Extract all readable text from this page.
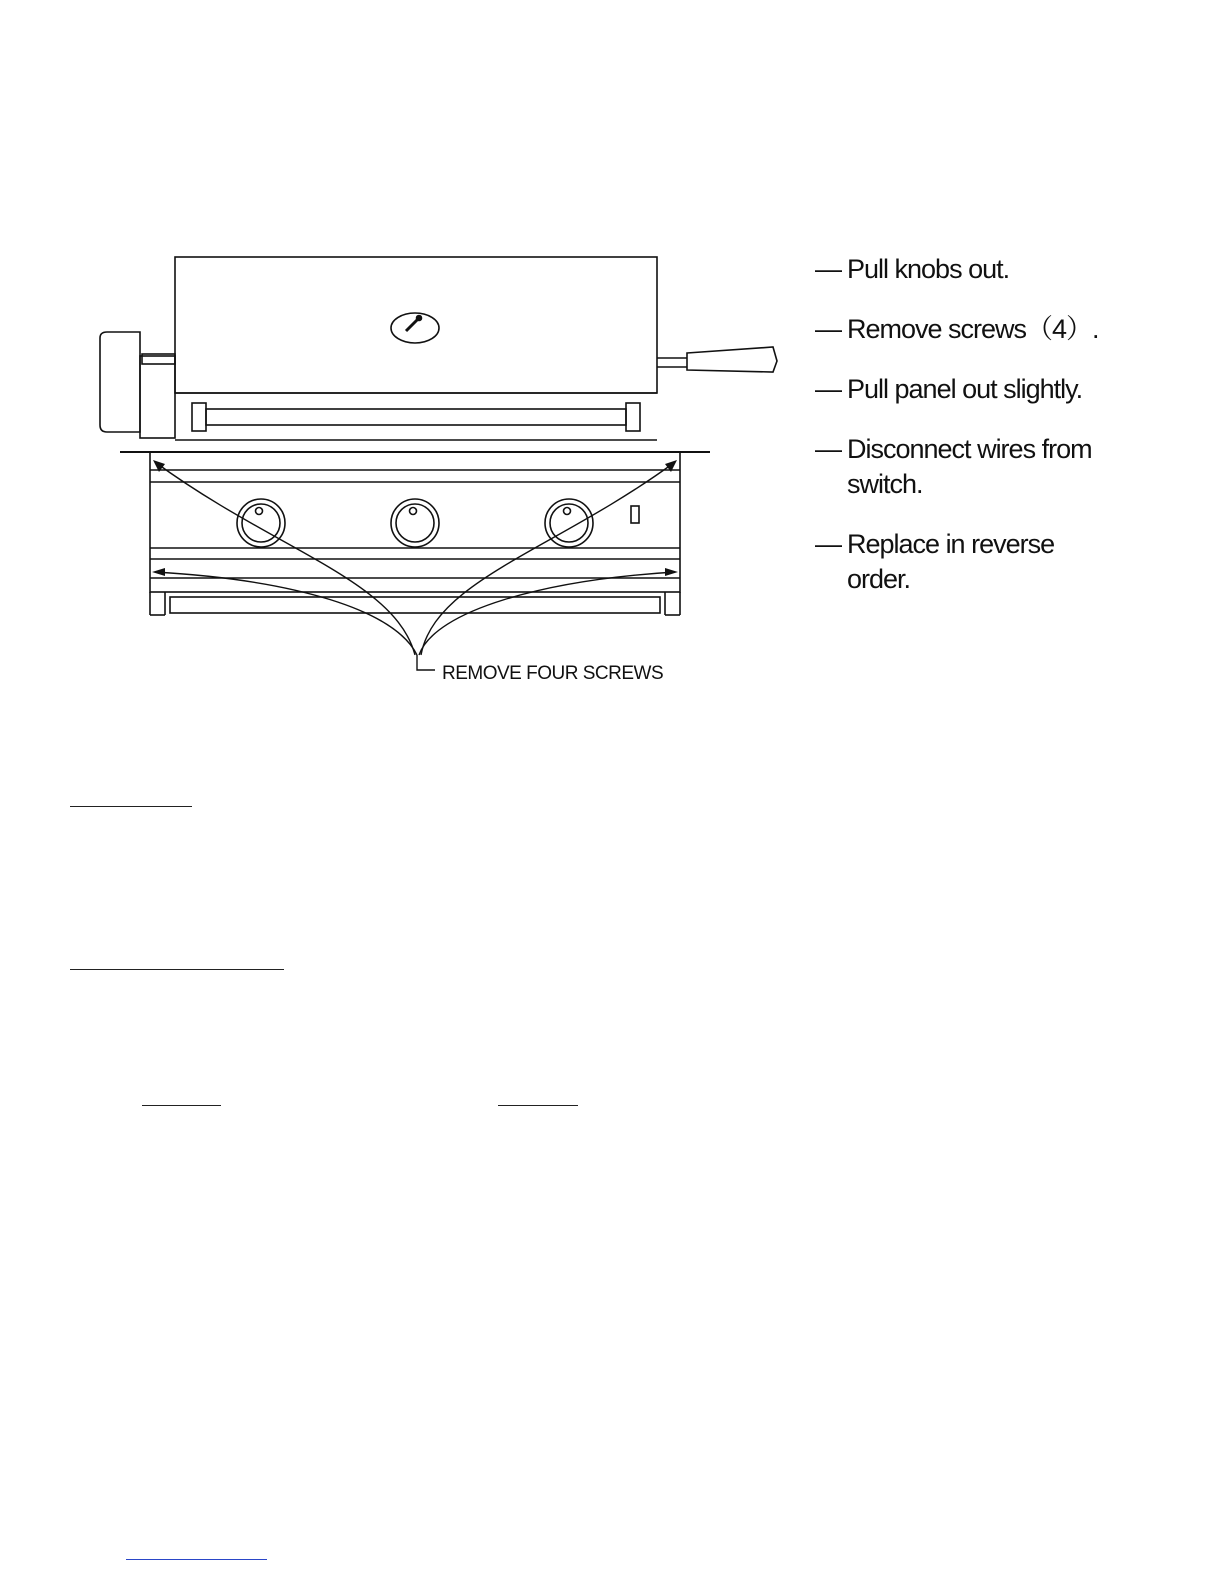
REMOVE FOUR SCREWS
— Pull knobs out.
— Remove screws（4）.
— Pull panel out slightly.
— Disconnect wires from switch.
— Replace in reverse order.
